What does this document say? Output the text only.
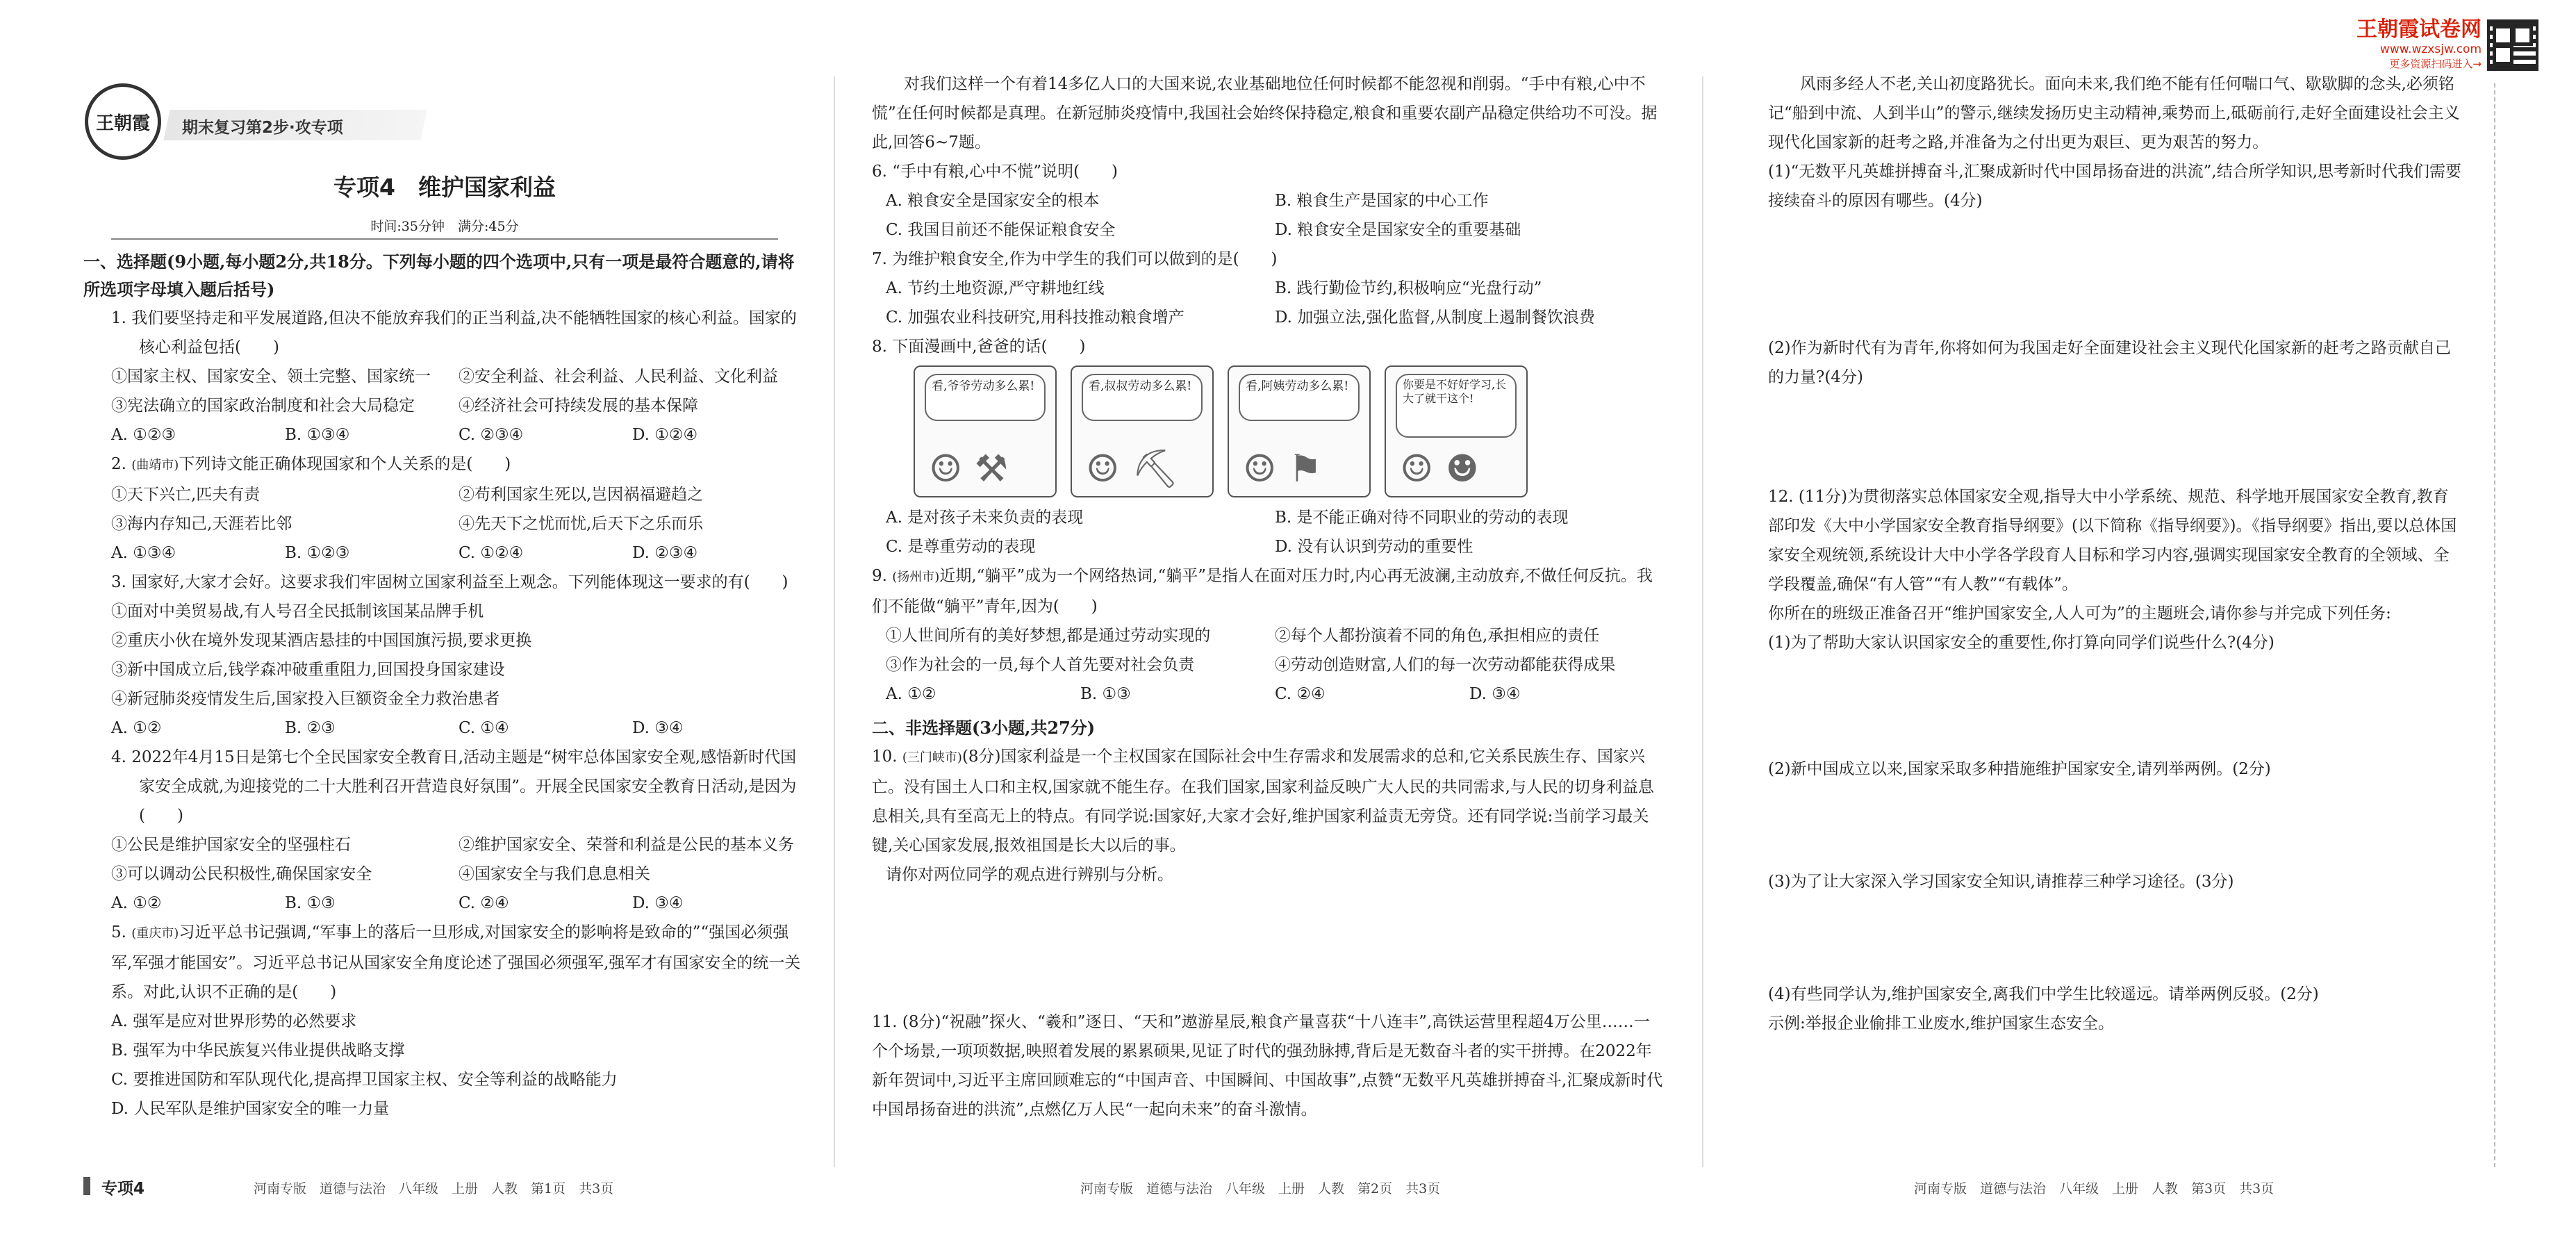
王朝霞试卷网
www.wzxsjw.com
更多资源扫码进入→
王朝霞 期末复习第2步·攻专项

专项4　维护国家利益

时间:35分钟　满分:45分

一、选择题(9小题,每小题2分,共18分。下列每小题的四个选项中,只有一项是最符合题意的,请将所选项字母填入题后括号)

1. 我们要坚持走和平发展道路,但决不能放弃我们的正当利益,决不能牺牲国家的核心利益。国家的核心利益包括(　　)

①国家主权、国家安全、领土完整、国家统一	②安全利益、社会利益、人民利益、文化利益
③宪法确立的国家政治制度和社会大局稳定	④经济社会可持续发展的基本保障
A. ①②③	B. ①③④	C. ②③④	D. ①②④

2. (曲靖市)下列诗文能正确体现国家和个人关系的是(　　)

①天下兴亡,匹夫有责	②苟利国家生死以,岂因祸福避趋之
③海内存知己,天涯若比邻	④先天下之忧而忧,后天下之乐而乐
A. ①③④	B. ①②③	C. ①②④	D. ②③④

3. 国家好,大家才会好。这要求我们牢固树立国家利益至上观念。下列能体现这一要求的有(　　)

①面对中美贸易战,有人号召全民抵制该国某品牌手机

②重庆小伙在境外发现某酒店悬挂的中国国旗污损,要求更换

③新中国成立后,钱学森冲破重重阻力,回国投身国家建设

④新冠肺炎疫情发生后,国家投入巨额资金全力救治患者

A. ①②	B. ②③	C. ①④	D. ③④

4. 2022年4月15日是第七个全民国家安全教育日,活动主题是“树牢总体国家安全观,感悟新时代国家安全成就,为迎接党的二十大胜利召开营造良好氛围”。开展全民国家安全教育日活动,是因为(　　)

①公民是维护国家安全的坚强柱石	②维护国家安全、荣誉和利益是公民的基本义务
③可以调动公民积极性,确保国家安全	④国家安全与我们息息相关
A. ①②	B. ①③	C. ②④	D. ③④

5. (重庆市)习近平总书记强调,“军事上的落后一旦形成,对国家安全的影响将是致命的”“强国必须强军,军强才能国安”。习近平总书记从国家安全角度论述了强国必须强军,强军才有国家安全的统一关系。对此,认识不正确的是(　　)

A. 强军是应对世界形势的必然要求

B. 强军为中华民族复兴伟业提供战略支撑

C. 要推进国防和军队现代化,提高捍卫国家主权、安全等利益的战略能力

D. 人民军队是维护国家安全的唯一力量

对我们这样一个有着14多亿人口的大国来说,农业基础地位任何时候都不能忽视和削弱。“手中有粮,心中不慌”在任何时候都是真理。在新冠肺炎疫情中,我国社会始终保持稳定,粮食和重要农副产品稳定供给功不可没。据此,回答6~7题。

6. “手中有粮,心中不慌”说明(　　)

A. 粮食安全是国家安全的根本	B. 粮食生产是国家的中心工作
C. 我国目前还不能保证粮食安全	D. 粮食安全是国家安全的重要基础

7. 为维护粮食安全,作为中学生的我们可以做到的是(　　)

A. 节约土地资源,严守耕地红线	B. 践行勤俭节约,积极响应“光盘行动”
C. 加强农业科技研究,用科技推动粮食增产	D. 加强立法,强化监督,从制度上遏制餐饮浪费

8. 下面漫画中,爸爸的话(　　)

看,爷爷劳动多么累!
☺ ⚒
看,叔叔劳动多么累!
☺ ⛏
看,阿姨劳动多么累!
☺ ⚑
你要是不好好学习,长大了就干这个!
☺ ☻
A. 是对孩子未来负责的表现	B. 是不能正确对待不同职业的劳动的表现
C. 是尊重劳动的表现	D. 没有认识到劳动的重要性

9. (扬州市)近期,“躺平”成为一个网络热词,“躺平”是指人在面对压力时,内心再无波澜,主动放弃,不做任何反抗。我们不能做“躺平”青年,因为(　　)

①人世间所有的美好梦想,都是通过劳动实现的	②每个人都扮演着不同的角色,承担相应的责任
③作为社会的一员,每个人首先要对社会负责	④劳动创造财富,人们的每一次劳动都能获得成果
A. ①②	B. ①③	C. ②④	D. ③④

二、非选择题(3小题,共27分)

10. (三门峡市)(8分)国家利益是一个主权国家在国际社会中生存需求和发展需求的总和,它关系民族生存、国家兴亡。没有国土人口和主权,国家就不能生存。在我们国家,国家利益反映广大人民的共同需求,与人民的切身利益息息相关,具有至高无上的特点。有同学说:国家好,大家才会好,维护国家利益责无旁贷。还有同学说:当前学习最关键,关心国家发展,报效祖国是长大以后的事。

请你对两位同学的观点进行辨别与分析。

11. (8分)“祝融”探火、“羲和”逐日、“天和”遨游星辰,粮食产量喜获“十八连丰”,高铁运营里程超4万公里……一个个场景,一项项数据,映照着发展的累累硕果,见证了时代的强劲脉搏,背后是无数奋斗者的实干拼搏。在2022年新年贺词中,习近平主席回顾难忘的“中国声音、中国瞬间、中国故事”,点赞“无数平凡英雄拼搏奋斗,汇聚成新时代中国昂扬奋进的洪流”,点燃亿万人民“一起向未来”的奋斗激情。

风雨多经人不老,关山初度路犹长。面向未来,我们绝不能有任何喘口气、歇歇脚的念头,必须铭记“船到中流、人到半山”的警示,继续发扬历史主动精神,乘势而上,砥砺前行,走好全面建设社会主义现代化国家新的赶考之路,并准备为之付出更为艰巨、更为艰苦的努力。

(1)“无数平凡英雄拼搏奋斗,汇聚成新时代中国昂扬奋进的洪流”,结合所学知识,思考新时代我们需要接续奋斗的原因有哪些。(4分)

(2)作为新时代有为青年,你将如何为我国走好全面建设社会主义现代化国家新的赶考之路贡献自己的力量?(4分)

12. (11分)为贯彻落实总体国家安全观,指导大中小学系统、规范、科学地开展国家安全教育,教育部印发《大中小学国家安全教育指导纲要》(以下简称《指导纲要》)。《指导纲要》指出,要以总体国家安全观统领,系统设计大中小学各学段育人目标和学习内容,强调实现国家安全教育的全领域、全学段覆盖,确保“有人管”“有人教”“有载体”。

你所在的班级正准备召开“维护国家安全,人人可为”的主题班会,请你参与并完成下列任务:

(1)为了帮助大家认识国家安全的重要性,你打算向同学们说些什么?(4分)

(2)新中国成立以来,国家采取多种措施维护国家安全,请列举两例。(2分)

(3)为了让大家深入学习国家安全知识,请推荐三种学习途径。(3分)

(4)有些同学认为,维护国家安全,离我们中学生比较遥远。请举两例反驳。(2分)

示例:举报企业偷排工业废水,维护国家生态安全。

专项4	河南专版　道德与法治　八年级　上册　人教　第1页　共3页	河南专版　道德与法治　八年级　上册　人教　第2页　共3页	河南专版　道德与法治　八年级　上册　人教　第3页　共3页
